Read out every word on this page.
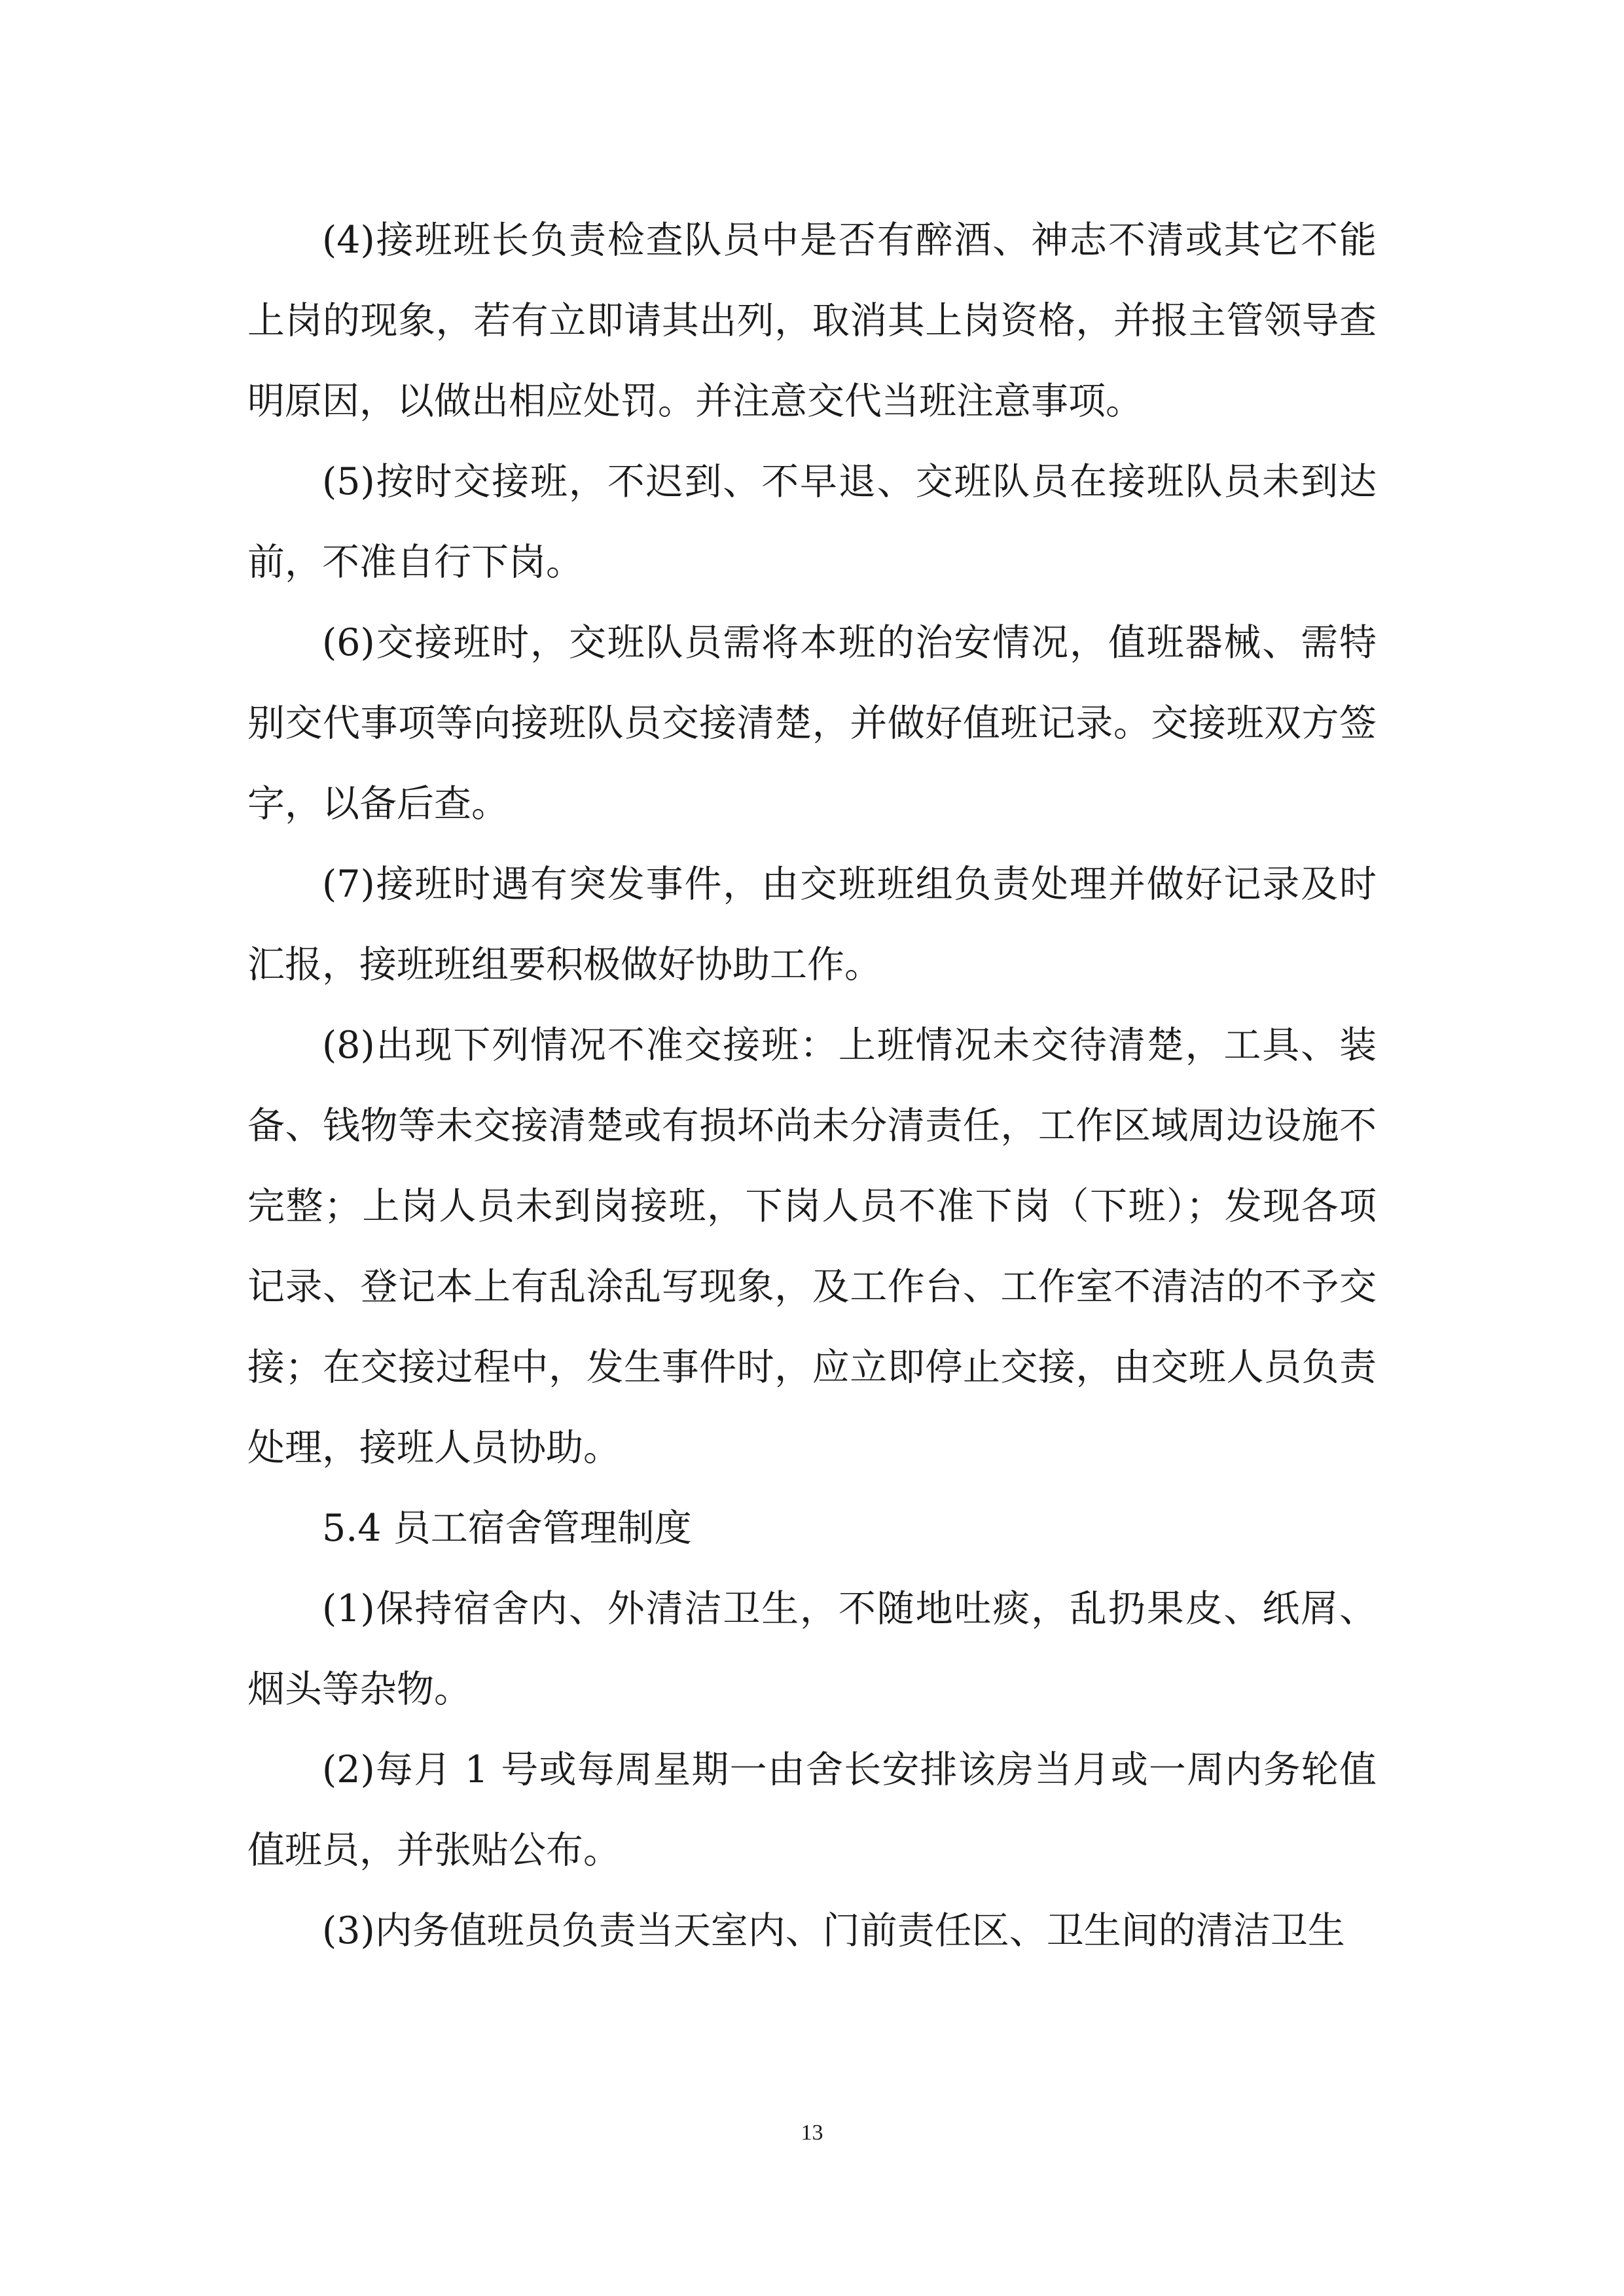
(4)接班班长负责检查队员中是否有醉酒、神志不清或其它不能上岗的现象，若有立即请其出列，取消其上岗资格，并报主管领导查明原因，以做出相应处罚。并注意交代当班注意事项。

(5)按时交接班，不迟到、不早退、交班队员在接班队员未到达前，不准自行下岗。

(6)交接班时，交班队员需将本班的治安情况，值班器械、需特别交代事项等向接班队员交接清楚，并做好值班记录。交接班双方签字，以备后查。

(7)接班时遇有突发事件，由交班班组负责处理并做好记录及时汇报，接班班组要积极做好协助工作。

(8)出现下列情况不准交接班：上班情况未交待清楚，工具、装备、钱物等未交接清楚或有损坏尚未分清责任，工作区域周边设施不完整；上岗人员未到岗接班，下岗人员不准下岗（下班）；发现各项记录、登记本上有乱涂乱写现象，及工作台、工作室不清洁的不予交接；在交接过程中，发生事件时，应立即停止交接，由交班人员负责处理，接班人员协助。

5.4 员工宿舍管理制度

(1)保持宿舍内、外清洁卫生，不随地吐痰，乱扔果皮、纸屑、烟头等杂物。

(2)每月 1 号或每周星期一由舍长安排该房当月或一周内务轮值值班员，并张贴公布。

(3)内务值班员负责当天室内、门前责任区、卫生间的清洁卫生

13
